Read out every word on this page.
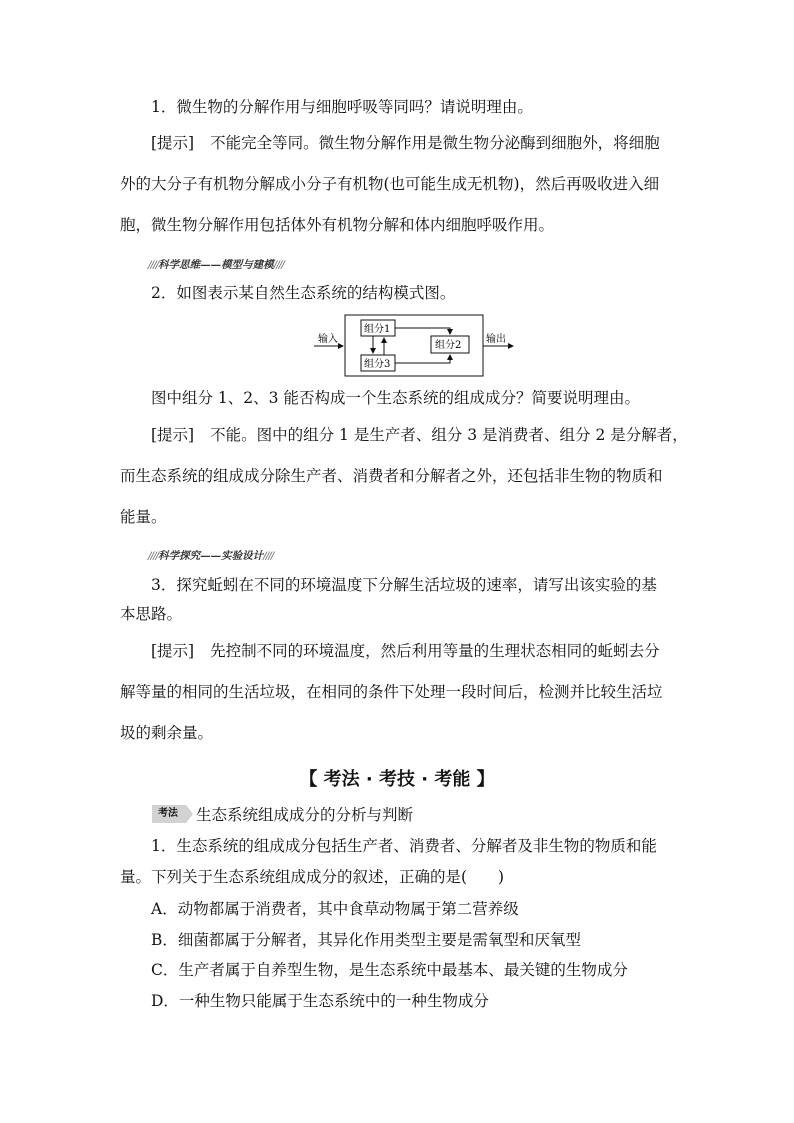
1．微生物的分解作用与细胞呼吸等同吗？请说明理由。
[提示] 不能完全等同。微生物分解作用是微生物分泌酶到细胞外，将细胞
外的大分子有机物分解成小分子有机物(也可能生成无机物)，然后再吸收进入细
胞，微生物分解作用包括体外有机物分解和体内细胞呼吸作用。
////科学思维——模型与建模////
2．如图表示某自然生态系统的结构模式图。
输入	输出
组分1
组分3
组分2
图中组分 1、2、3 能否构成一个生态系统的组成成分？简要说明理由。
[提示] 不能。图中的组分 1 是生产者、组分 3 是消费者、组分 2 是分解者，
而生态系统的组成成分除生产者、消费者和分解者之外，还包括非生物的物质和
能量。
////科学探究——实验设计////
3．探究蚯蚓在不同的环境温度下分解生活垃圾的速率，请写出该实验的基
本思路。
[提示] 先控制不同的环境温度，然后利用等量的生理状态相同的蚯蚓去分
解等量的相同的生活垃圾，在相同的条件下处理一段时间后，检测并比较生活垃
圾的剩余量。
【 考法 · 考技 · 考能 】
考法	生态系统组成成分的分析与判断
1．生态系统的组成成分包括生产者、消费者、分解者及非生物的物质和能
量。下列关于生态系统组成成分的叙述，正确的是(　　)
A．动物都属于消费者，其中食草动物属于第二营养级
B．细菌都属于分解者，其异化作用类型主要是需氧型和厌氧型
C．生产者属于自养型生物，是生态系统中最基本、最关键的生物成分
D．一种生物只能属于生态系统中的一种生物成分
